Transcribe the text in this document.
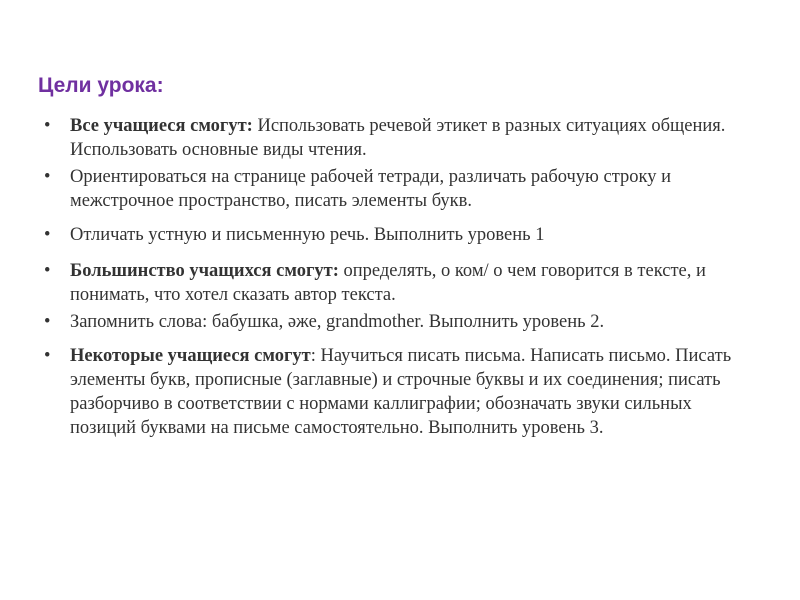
Цели урока:
•	Все учащиеся смогут: Использовать речевой этикет в разных ситуациях общения. Использовать основные виды чтения.
•	Ориентироваться на странице рабочей тетради, различать рабочую строку и межстрочное пространство, писать элементы букв.
•	Отличать устную и письменную речь. Выполнить уровень 1
•	Большинство учащихся смогут: определять, о ком/ о чем говорится в тексте, и понимать, что хотел сказать автор текста.
•	Запомнить слова: бабушка, әже, grandmother. Выполнить уровень 2.
•	Некоторые учащиеся смогут: Научиться писать письма. Написать письмо. Писать элементы букв, прописные (заглавные) и строчные буквы и их соединения; писать разборчиво в соответствии с нормами каллиграфии; обозначать звуки сильных позиций буквами на письме самостоятельно. Выполнить уровень 3.
